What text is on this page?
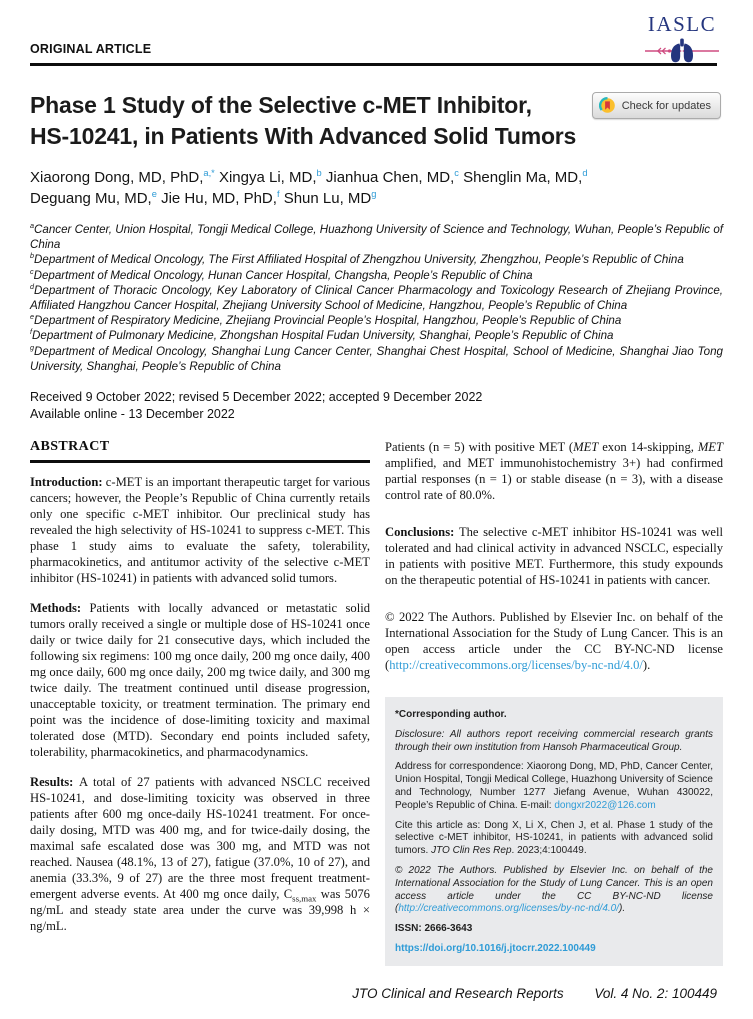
ORIGINAL ARTICLE
IASLC
Phase 1 Study of the Selective c-MET Inhibitor,
HS-10241, in Patients With Advanced Solid Tumors
Check for updates
Xiaorong Dong, MD, PhD,$^{a,*}$ Xingya Li, MD,$^b$ Jianhua Chen, MD,$^c$ Shenglin Ma, MD,$^d$
Deguang Mu, MD,$^e$ Jie Hu, MD, PhD,$^f$ Shun Lu, $MD^g$
$^a$Cancer Center, Union Hospital, Tongji Medical College, Huazhong University of Science and Technology, Wuhan, People’s Republic of China
$^b$Department of Medical Oncology, The First Affiliated Hospital of Zhengzhou University, Zhengzhou, People’s Republic of China
$^c$Department of Medical Oncology, Hunan Cancer Hospital, Changsha, People’s Republic of China
$^d$Department of Thoracic Oncology, Key Laboratory of Clinical Cancer Pharmacology and Toxicology Research of Zhejiang Province, Affiliated Hangzhou Cancer Hospital, Zhejiang University School of Medicine, Hangzhou, People’s Republic of China
$^e$Department of Respiratory Medicine, Zhejiang Provincial People’s Hospital, Hangzhou, People’s Republic of China
$^f$Department of Pulmonary Medicine, Zhongshan Hospital Fudan University, Shanghai, People’s Republic of China
$^g$Department of Medical Oncology, Shanghai Lung Cancer Center, Shanghai Chest Hospital, School of Medicine, Shanghai Jiao Tong University, Shanghai, People’s Republic of China
Received 9 October 2022; revised 5 December 2022; accepted 9 December 2022
Available online - 13 December 2022
ABSTRACT
Introduction: c-MET is an important therapeutic target for various cancers; however, the People’s Republic of China currently retails only one specific c-MET inhibitor. Our preclinical study has revealed the high selectivity of HS-10241 to suppress c-MET. This phase 1 study aims to evaluate the safety, tolerability, pharmacokinetics, and antitumor activity of the selective c-MET inhibitor (HS-10241) in patients with advanced solid tumors.
Methods: Patients with locally advanced or metastatic solid tumors orally received a single or multiple dose of HS-10241 once daily or twice daily for 21 consecutive days, which included the following six regimens: 100 mg once daily, 200 mg once daily, 400 mg once daily, 600 mg once daily, 200 mg twice daily, and 300 mg twice daily. The treatment continued until disease progression, unacceptable toxicity, or treatment termination. The primary end point was the incidence of dose-limiting toxicity and maximal tolerated dose (MTD). Secondary end points included safety, tolerability, pharmacokinetics, and pharmacodynamics.
Results: A total of 27 patients with advanced NSCLC received HS-10241, and dose-limiting toxicity was observed in three patients after 600 mg once-daily HS-10241 treatment. For once-daily dosing, MTD was 400 mg, and for twice-daily dosing, the maximal safe escalated dose was 300 mg, and MTD was not reached. Nausea (48.1%, 13 of 27), fatigue (37.0%, 10 of 27), and anemia (33.3%, 9 of 27) are the three most frequent treatment-emergent adverse events. At 400 mg once daily, $C_{ss,max}$ was 5076 ng/mL and steady state area under the curve was 39,998 h × ng/mL.
Patients (n = 5) with positive MET (MET exon 14-skipping, MET amplified, and MET immunohistochemistry 3+) had confirmed partial responses (n = 1) or stable disease (n = 3), with a disease control rate of 80.0%.
Conclusions: The selective c-MET inhibitor HS-10241 was well tolerated and had clinical activity in advanced NSCLC, especially in patients with positive MET. Furthermore, this study expounds on the therapeutic potential of HS-10241 in patients with cancer.
© 2022 The Authors. Published by Elsevier Inc. on behalf of the International Association for the Study of Lung Cancer. This is an open access article under the CC BY-NC-ND license (http://creativecommons.org/licenses/by-nc-nd/4.0/).
*Corresponding author.
Disclosure: All authors report receiving commercial research grants through their own institution from Hansoh Pharmaceutical Group.
Address for correspondence: Xiaorong Dong, MD, PhD, Cancer Center, Union Hospital, Tongji Medical College, Huazhong University of Science and Technology, Number 1277 Jiefang Avenue, Wuhan 430022, People’s Republic of China. E-mail: dongxr2022@126.com
Cite this article as: Dong X, Li X, Chen J, et al. Phase 1 study of the selective c-MET inhibitor, HS-10241, in patients with advanced solid tumors. JTO Clin Res Rep. 2023;4:100449.
© 2022 The Authors. Published by Elsevier Inc. on behalf of the International Association for the Study of Lung Cancer. This is an open access article under the CC BY-NC-ND license (http://creativecommons.org/licenses/by-nc-nd/4.0/).
ISSN: 2666-3643
https://doi.org/10.1016/j.jtocrr.2022.100449
JTO Clinical and Research Reports Vol. 4 No. 2: 100449
